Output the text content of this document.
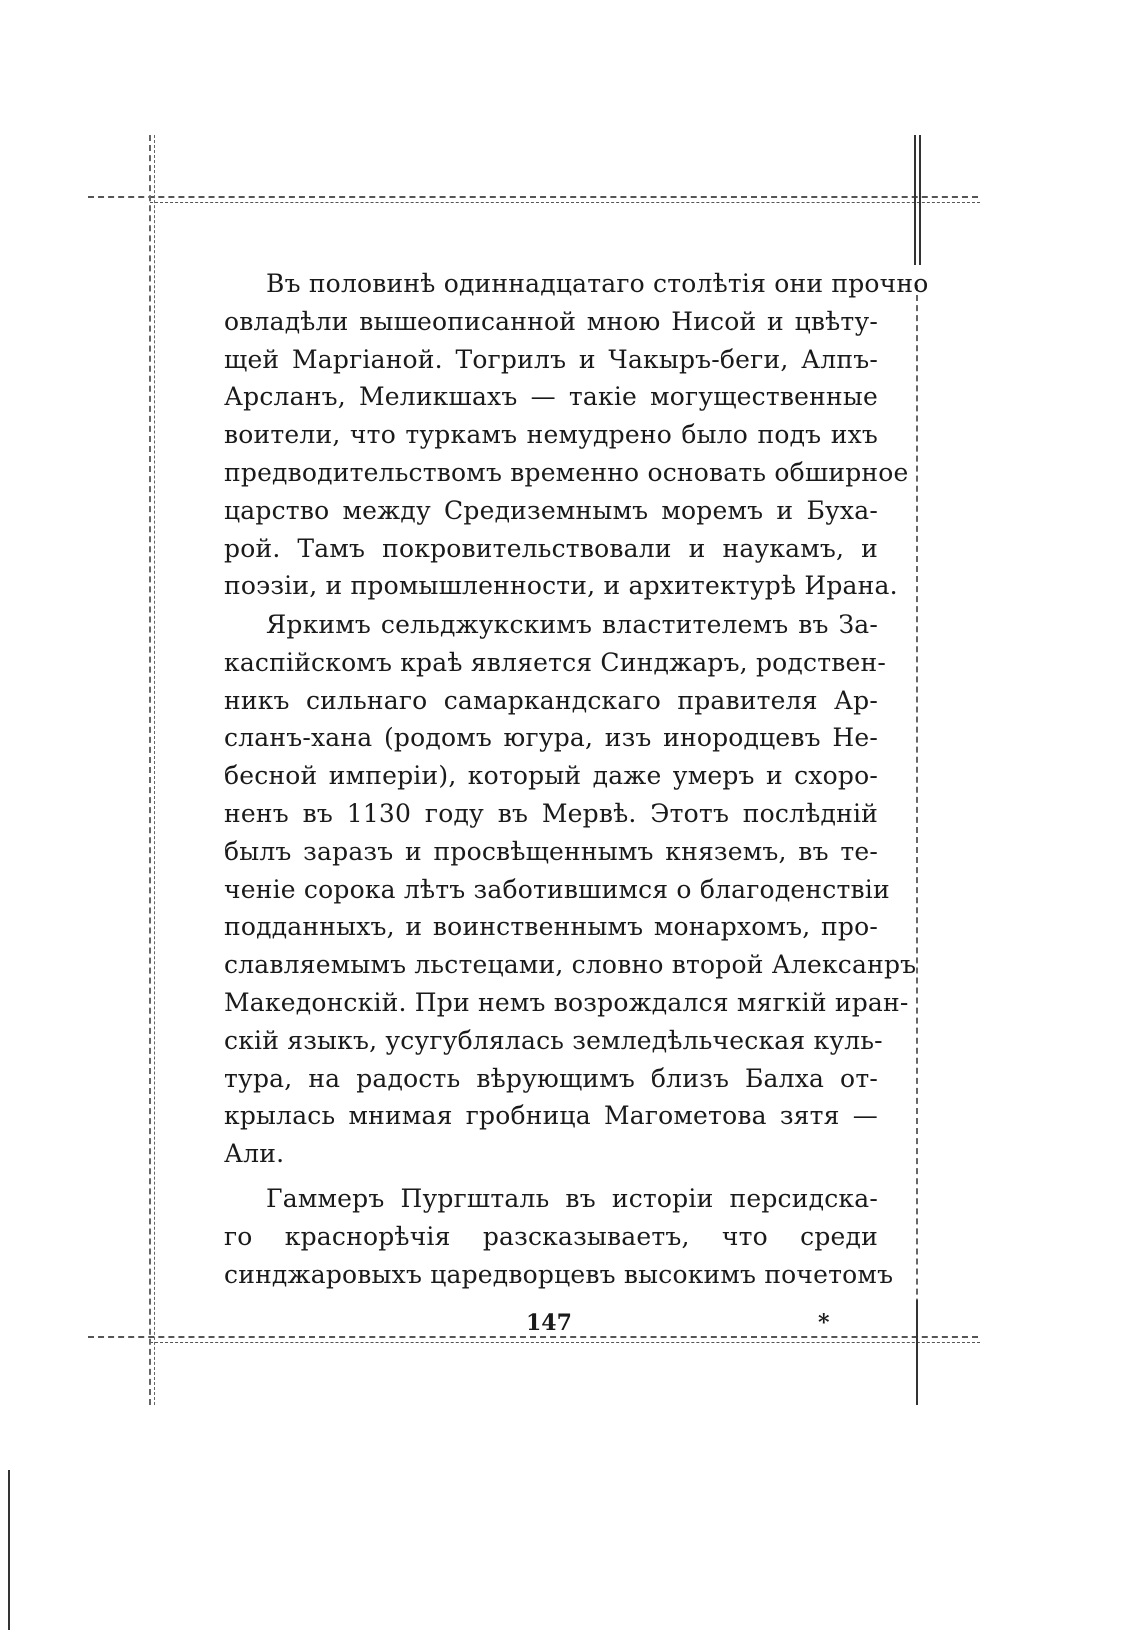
Въ половинѣ одиннадцатаго столѣтія они прочно
овладѣли вышеописанной мною Нисой и цвѣту-
щей Маргіаной. Тогрилъ и Чакыръ-беги, Алпъ-
Арсланъ, Меликшахъ — такіе могущественные
воители, что туркамъ немудрено было подъ ихъ
предводительствомъ временно основать обширное
царство между Средиземнымъ моремъ и Буха-
рой. Тамъ покровительствовали и наукамъ, и
поэзіи, и промышленности, и архитектурѣ Ирана.
Яркимъ сельджукскимъ властителемъ въ За-
каспійскомъ краѣ является Синджаръ, родствен-
никъ сильнаго самаркандскаго правителя Ар-
сланъ-хана (родомъ югура, изъ инородцевъ Не-
бесной имперіи), который даже умеръ и схоро-
ненъ въ 1130 году въ Мервѣ. Этотъ послѣдній
былъ заразъ и просвѣщеннымъ княземъ, въ те-
ченіе сорока лѣтъ заботившимся о благоденствіи
подданныхъ, и воинственнымъ монархомъ, про-
славляемымъ льстецами, словно второй Алексанръ
Македонскій. При немъ возрождался мягкій иран-
скій языкъ, усугублялась земледѣльческая куль-
тура, на радость вѣрующимъ близъ Балха от-
крылась мнимая гробница Магометова зятя —
Али.
Гаммеръ Пургшталь въ исторіи персидска-
го краснорѣчія разсказываетъ, что среди
синджаровыхъ царедворцевъ высокимъ почетомъ
147	*
